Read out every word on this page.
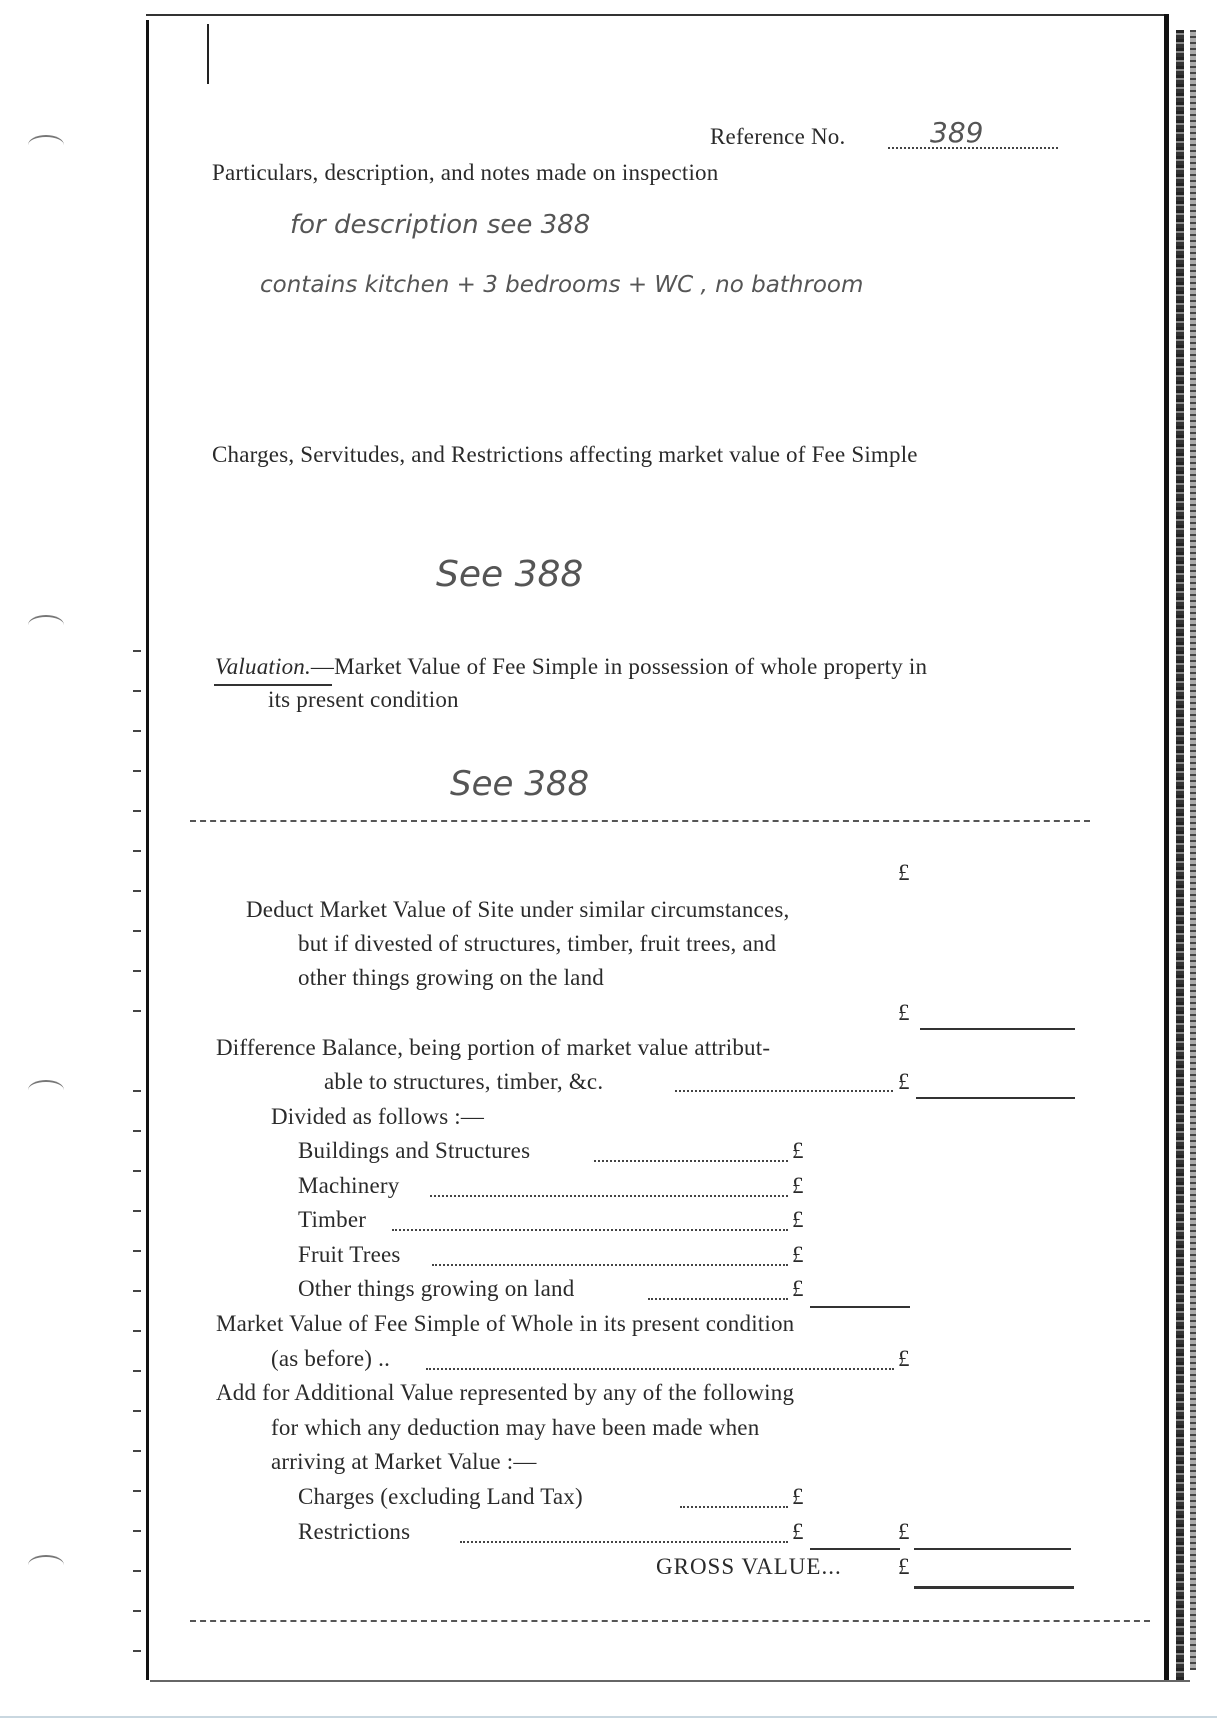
Reference No.	389
Particulars, description, and notes made on inspection
for description see 388
contains kitchen + 3 bedrooms + WC , no bathroom
Charges, Servitudes, and Restrictions affecting market value of Fee Simple
See 388
Valuation.—Market Value of Fee Simple in possession of whole property in
its present condition
See 388
£
Deduct Market Value of Site under similar circumstances,
but if divested of structures, timber, fruit trees, and
other things growing on the land
£
Difference Balance, being portion of market value attribut-
able to structures, timber, &c.	£
Divided as follows :—
Buildings and Structures	£
Machinery	£
Timber	£
Fruit Trees	£
Other things growing on land	£
Market Value of Fee Simple of Whole in its present condition
(as before) ..	£
Add for Additional Value represented by any of the following
for which any deduction may have been made when
arriving at Market Value :—
Charges (excluding Land Tax)	£
Restrictions	£	£
GROSS VALUE... £
